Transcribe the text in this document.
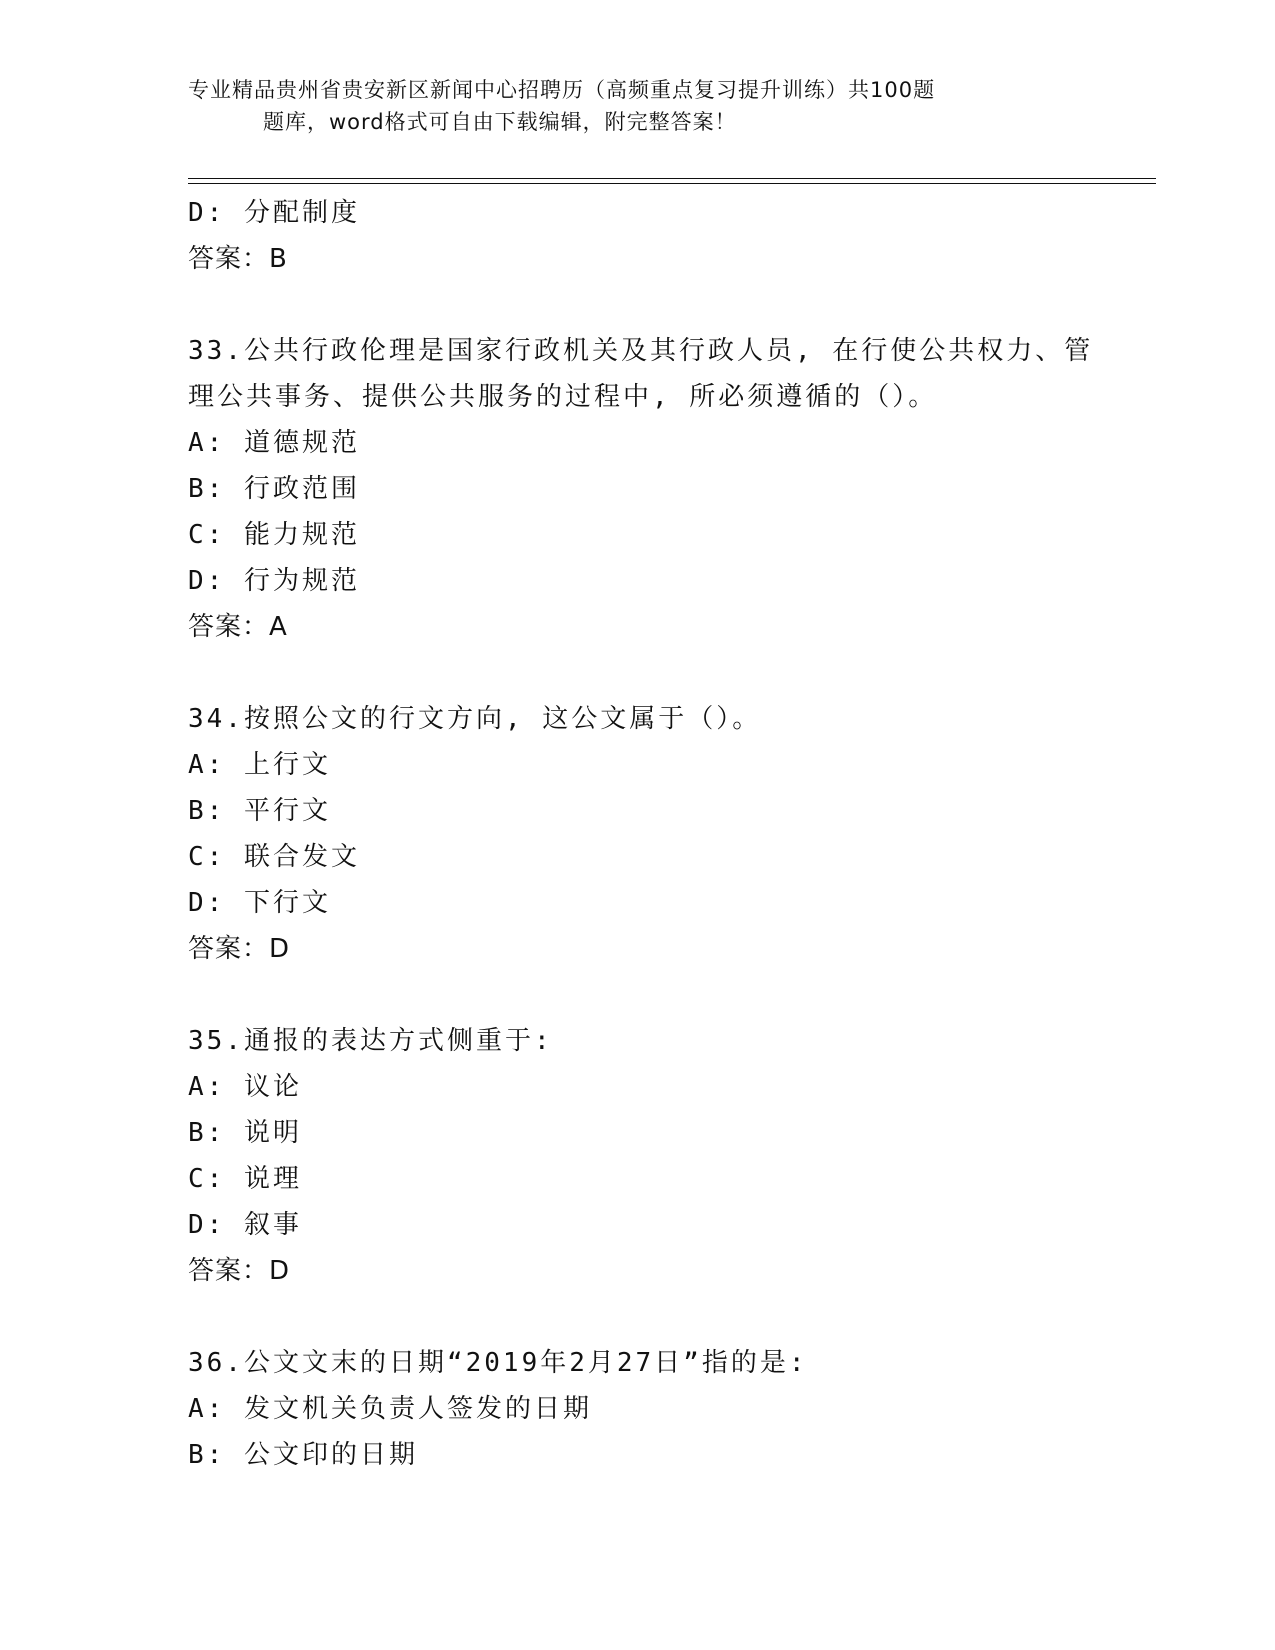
专业精品贵州省贵安新区新闻中心招聘历（高频重点复习提升训练）共100题
题库，word格式可自由下载编辑，附完整答案！
D: 分配制度
答案：B
33.公共行政伦理是国家行政机关及其行政人员, 在行使公共权力、管
理公共事务、提供公共服务的过程中, 所必须遵循的（）。
A: 道德规范
B: 行政范围
C: 能力规范
D: 行为规范
答案：A
34.按照公文的行文方向, 这公文属于（）。
A: 上行文
B: 平行文
C: 联合发文
D: 下行文
答案：D
35.通报的表达方式侧重于:
A: 议论
B: 说明
C: 说理
D: 叙事
答案：D
36.公文文末的日期“2019年2月27日”指的是:
A: 发文机关负责人签发的日期
B: 公文印的日期
